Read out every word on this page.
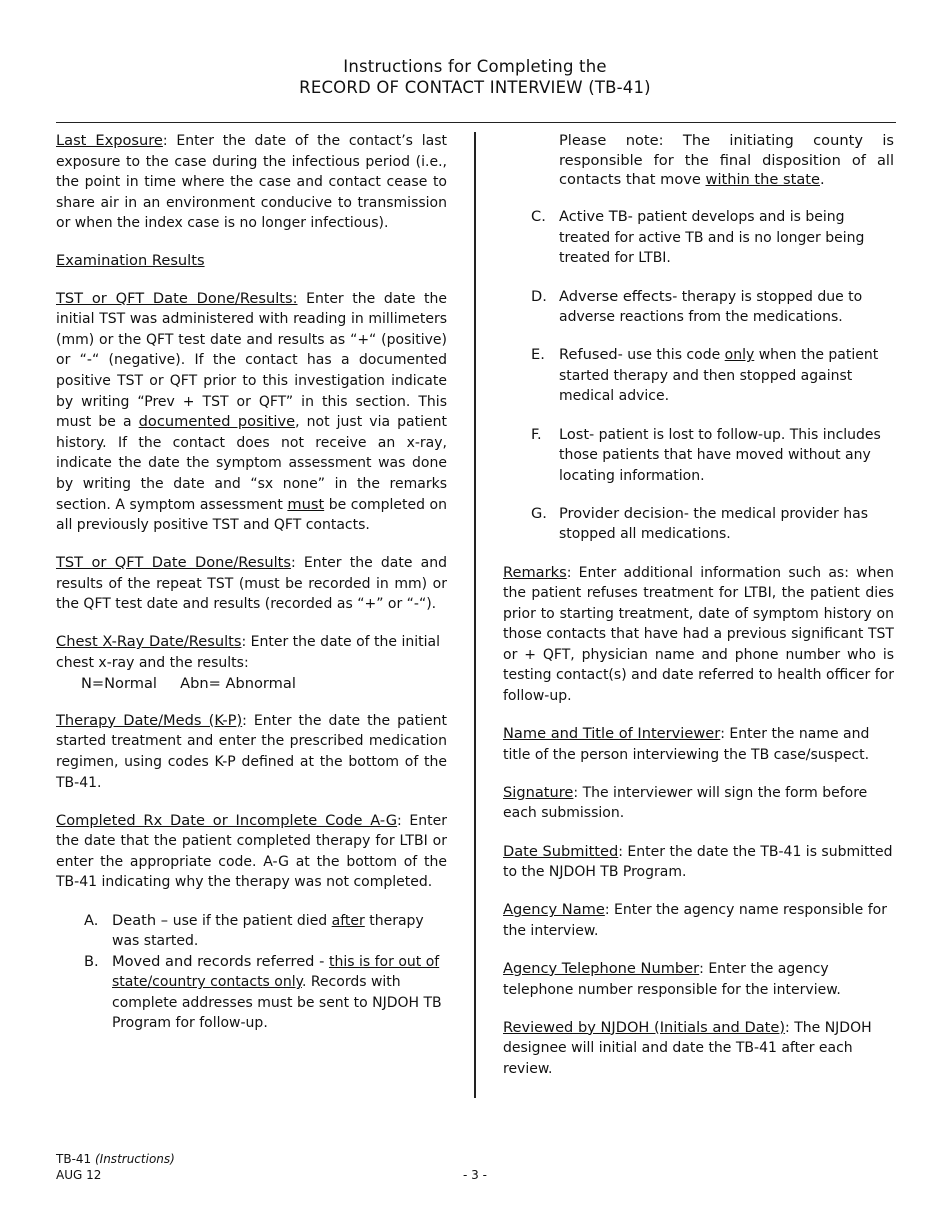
Instructions for Completing the
RECORD OF CONTACT INTERVIEW (TB-41)

Last Exposure: Enter the date of the contact’s last exposure to the case during the infectious period (i.e., the point in time where the case and contact cease to share air in an environment conducive to transmission or when the index case is no longer infectious).

Examination Results

TST or QFT Date Done/Results: Enter the date the initial TST was administered with reading in millimeters (mm) or the QFT test date and results as “+“ (positive) or “-“ (negative). If the contact has a documented positive TST or QFT prior to this investigation indicate by writing “Prev + TST or QFT” in this section. This must be a documented positive, not just via patient history. If the contact does not receive an x-ray, indicate the date the symptom assessment was done by writing the date and “sx none” in the remarks section. A symptom assessment must be completed on all previously positive TST and QFT contacts.

TST or QFT Date Done/Results: Enter the date and results of the repeat TST (must be recorded in mm) or the QFT test date and results (recorded as “+” or “-“).

Chest X-Ray Date/Results: Enter the date of the initial chest x-ray and the results:
N=Normal     Abn= Abnormal

Therapy Date/Meds (K-P): Enter the date the patient started treatment and enter the prescribed medication regimen, using codes K-P defined at the bottom of the TB-41.

Completed Rx Date or Incomplete Code A-G: Enter the date that the patient completed therapy for LTBI or enter the appropriate code. A-G at the bottom of the TB-41 indicating why the therapy was not completed.

A. Death – use if the patient died after therapy was started.
B. Moved and records referred - this is for out of state/country contacts only. Records with complete addresses must be sent to NJDOH TB Program for follow-up.
Please note: The initiating county is responsible for the final disposition of all contacts that move within the state.
C. Active TB- patient develops and is being treated for active TB and is no longer being treated for LTBI.
D. Adverse effects- therapy is stopped due to adverse reactions from the medications.
E. Refused- use this code only when the patient started therapy and then stopped against medical advice.
F. Lost- patient is lost to follow-up. This includes those patients that have moved without any locating information.
G. Provider decision- the medical provider has stopped all medications.

Remarks: Enter additional information such as: when the patient refuses treatment for LTBI, the patient dies prior to starting treatment, date of symptom history on those contacts that have had a previous significant TST or + QFT, physician name and phone number who is testing contact(s) and date referred to health officer for follow-up.

Name and Title of Interviewer: Enter the name and title of the person interviewing the TB case/suspect.

Signature: The interviewer will sign the form before each submission.

Date Submitted: Enter the date the TB-41 is submitted to the NJDOH TB Program.

Agency Name: Enter the agency name responsible for the interview.

Agency Telephone Number: Enter the agency telephone number responsible for the interview.

Reviewed by NJDOH (Initials and Date): The NJDOH designee will initial and date the TB-41 after each review.

TB-41 (Instructions)
AUG 12	- 3 -
